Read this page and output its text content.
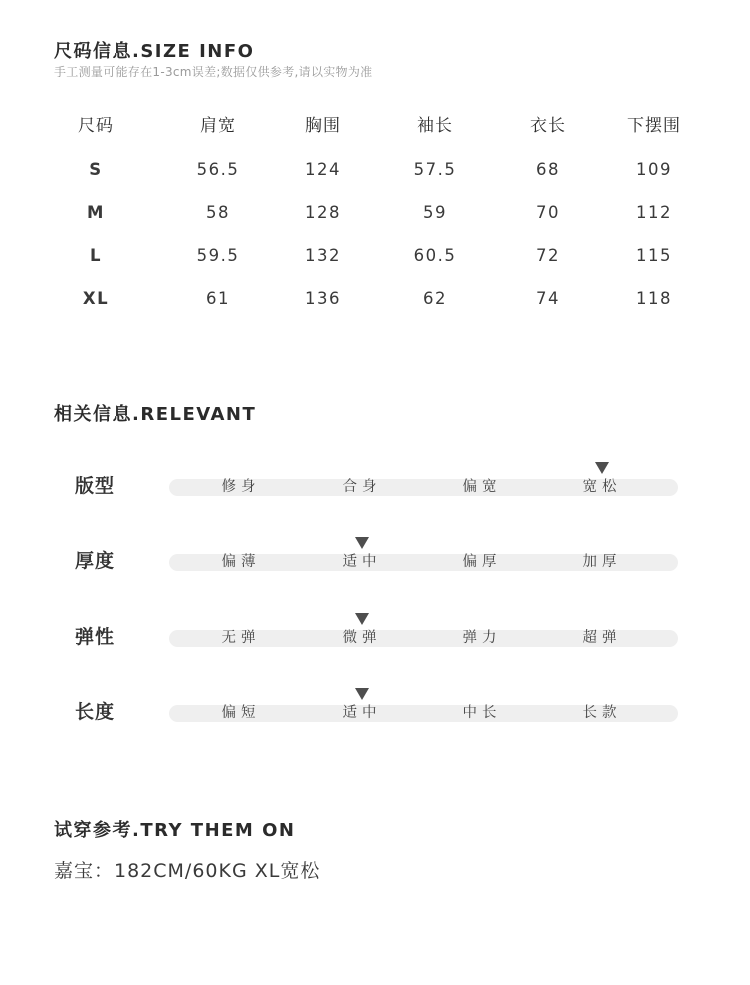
尺码信息.SIZE INFO
手工测量可能存在1-3cm误差;数据仅供参考,请以实物为准
尺码	肩宽	胸围	袖长	衣长	下摆围
S	56.5	124	57.5	68	109
M	58	128	59	70	112
L	59.5	132	60.5	72	115
XL	61	136	62	74	118
相关信息.RELEVANT
版型	修身	合身	偏宽	宽松
厚度	偏薄	适中	偏厚	加厚
弹性	无弹	微弹	弹力	超弹
长度	偏短	适中	中长	长款
试穿参考.TRY THEM ON
嘉宝：182CM/60KG XL宽松
